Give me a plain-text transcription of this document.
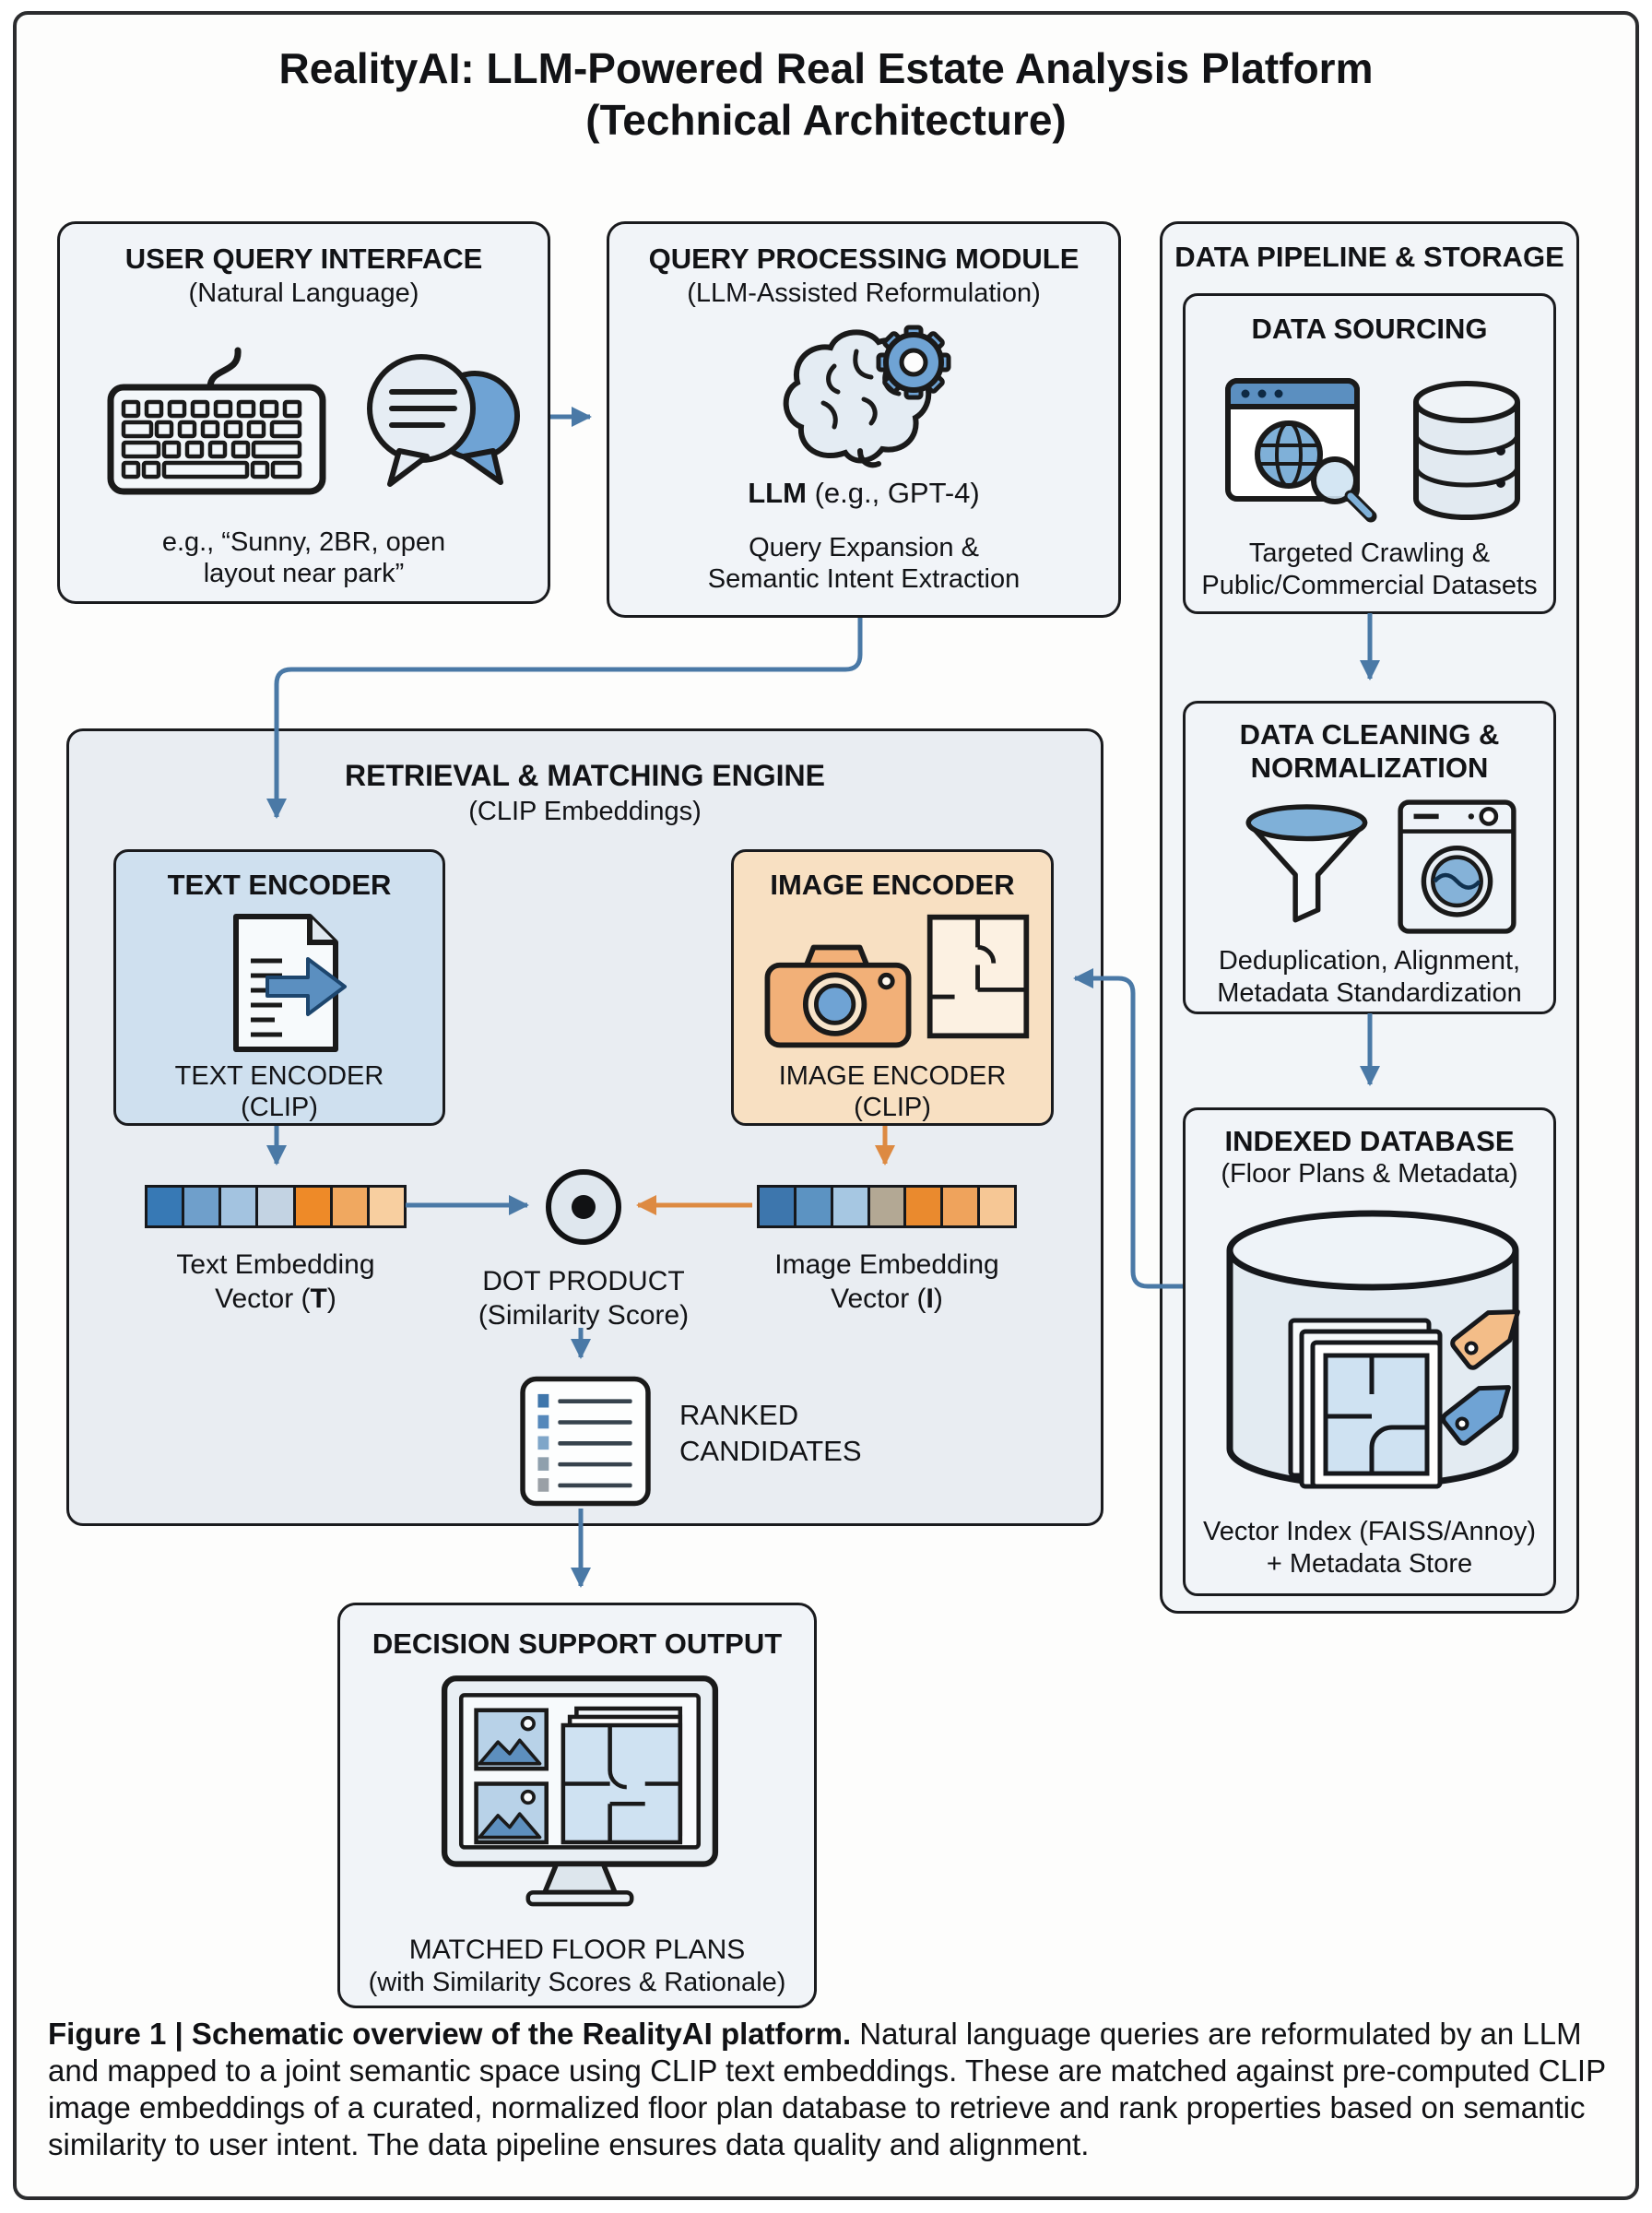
RealityAI: LLM-Powered Real Estate Analysis Platform
(Technical Architecture)
USER QUERY INTERFACE
(Natural Language)
e.g., “Sunny, 2BR, open
layout near park”
QUERY PROCESSING MODULE
(LLM-Assisted Reformulation)
LLM (e.g., GPT-4)
Query Expansion &
Semantic Intent Extraction
DATA PIPELINE & STORAGE
DATA SOURCING
Targeted Crawling &
Public/Commercial Datasets
DATA CLEANING &
NORMALIZATION
Deduplication, Alignment,
Metadata Standardization
INDEXED DATABASE
(Floor Plans & Metadata)
Vector Index (FAISS/Annoy)
+ Metadata Store
RETRIEVAL & MATCHING ENGINE
(CLIP Embeddings)
TEXT ENCODER
TEXT ENCODER
(CLIP)
IMAGE ENCODER
IMAGE ENCODER
(CLIP)
Text Embedding
Vector (T)
Image Embedding
Vector (I)
DOT PRODUCT
(Similarity Score)
RANKED
CANDIDATES
DECISION SUPPORT OUTPUT
MATCHED FLOOR PLANS
(with Similarity Scores & Rationale)
Figure 1 | Schematic overview of the RealityAI platform. Natural language queries are reformulated by an LLM and mapped to a joint semantic space using CLIP text embeddings. These are matched against pre-computed CLIP image embeddings of a curated, normalized floor plan database to retrieve and rank properties based on semantic similarity to user intent. The data pipeline ensures data quality and alignment.
